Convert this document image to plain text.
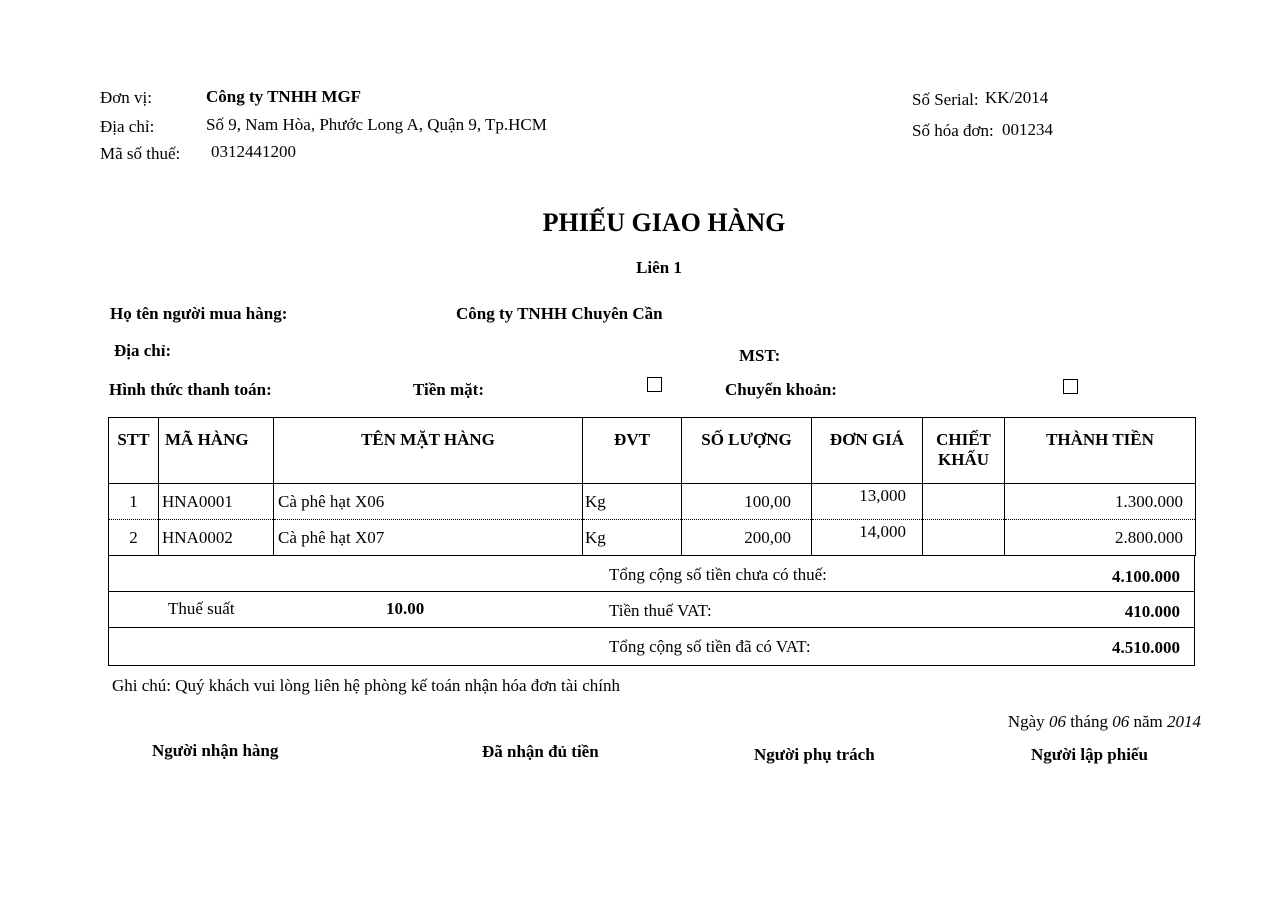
Đơn vị:	Công ty TNHH MGF
Địa chỉ:	Số 9, Nam Hòa, Phước Long A, Quận 9, Tp.HCM
Mã số thuế: 0312441200
Số Serial: KK/2014
Số hóa đơn: 001234
PHIẾU GIAO HÀNG
Liên 1
Họ tên người mua hàng:	Công ty TNHH Chuyên Cần
Địa chỉ:	MST:
Hình thức thanh toán:	Tiền mặt:	Chuyển khoản:
STT	MÃ HÀNG	TÊN MẶT HÀNG	ĐVT	SỐ LƯỢNG	ĐƠN GIÁ	CHIẾT KHẤU	THÀNH TIỀN
1	HNA0001	Cà phê hạt X06	Kg	100,00	13,000		1.300.000
2	HNA0002	Cà phê hạt X07	Kg	200,00	14,000		2.800.000
Tổng cộng số tiền chưa có thuế:	4.100.000
Thuế suất	10.00	Tiền thuế VAT:	410.000
Tổng cộng số tiền đã có VAT:	4.510.000
Ghi chú: Quý khách vui lòng liên hệ phòng kế toán nhận hóa đơn tài chính
Ngày 06 tháng 06 năm 2014
Người nhận hàng	Đã nhận đủ tiền	Người phụ trách	Người lập phiếu
